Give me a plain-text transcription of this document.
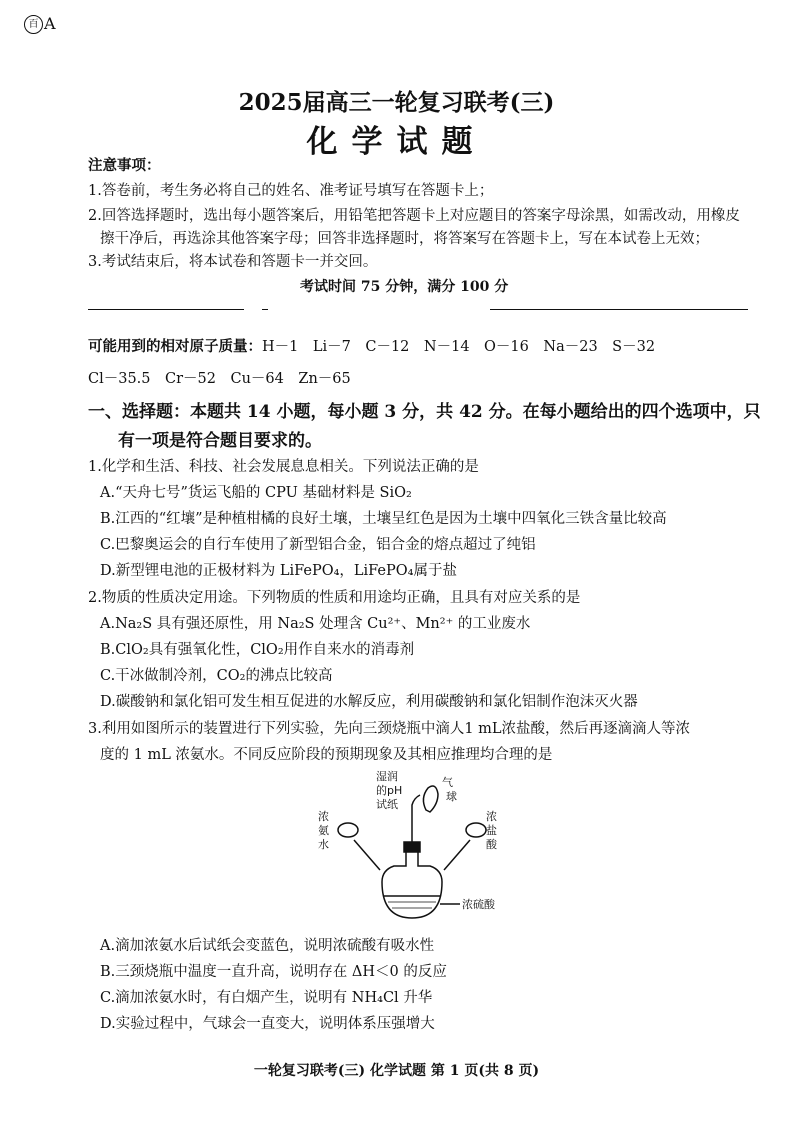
百 A
2025届高三一轮复习联考(三)
化学试题
注意事项：
1.答卷前，考生务必将自己的姓名、准考证号填写在答题卡上；
2.回答选择题时，选出每小题答案后，用铅笔把答题卡上对应题目的答案字母涂黑，如需改动，用橡皮
擦干净后，再选涂其他答案字母；回答非选择题时，将答案写在答题卡上，写在本试卷上无效；
3.考试结束后，将本试卷和答题卡一并交回。
考试时间 75 分钟，满分 100 分
可能用到的相对原子质量：H－1　Li－7　C－12　N－14　O－16　Na－23　S－32
Cl－35.5　Cr－52　Cu－64　Zn－65
一、选择题：本题共 14 小题，每小题 3 分，共 42 分。在每小题给出的四个选项中，只
有一项是符合题目要求的。
1.化学和生活、科技、社会发展息息相关。下列说法正确的是
A.“天舟七号”货运飞船的 CPU 基础材料是 SiO₂
B.江西的“红壤”是种植柑橘的良好土壤，土壤呈红色是因为土壤中四氧化三铁含量比较高
C.巴黎奥运会的自行车使用了新型铝合金，铝合金的熔点超过了纯铝
D.新型锂电池的正极材料为 LiFePO₄，LiFePO₄属于盐
2.物质的性质决定用途。下列物质的性质和用途均正确，且具有对应关系的是
A.Na₂S 具有强还原性，用 Na₂S 处理含 Cu²⁺、Mn²⁺ 的工业废水
B.ClO₂具有强氧化性，ClO₂用作自来水的消毒剂
C.干冰做制冷剂，CO₂的沸点比较高
D.碳酸钠和氯化铝可发生相互促进的水解反应，利用碳酸钠和氯化铝制作泡沫灭火器
3.利用如图所示的装置进行下列实验，先向三颈烧瓶中滴人1 mL浓盐酸，然后再逐滴滴人等浓
度的 1 mL 浓氨水。不同反应阶段的预期现象及其相应推理均合理的是
湿润
的pH
试纸
气
球
浓
氨
水
浓
盐
酸
浓硫酸
A.滴加浓氨水后试纸会变蓝色，说明浓硫酸有吸水性
B.三颈烧瓶中温度一直升高，说明存在 ΔH＜0 的反应
C.滴加浓氨水时，有白烟产生，说明有 NH₄Cl 升华
D.实验过程中，气球会一直变大，说明体系压强增大
一轮复习联考(三) 化学试题 第 1 页(共 8 页)
